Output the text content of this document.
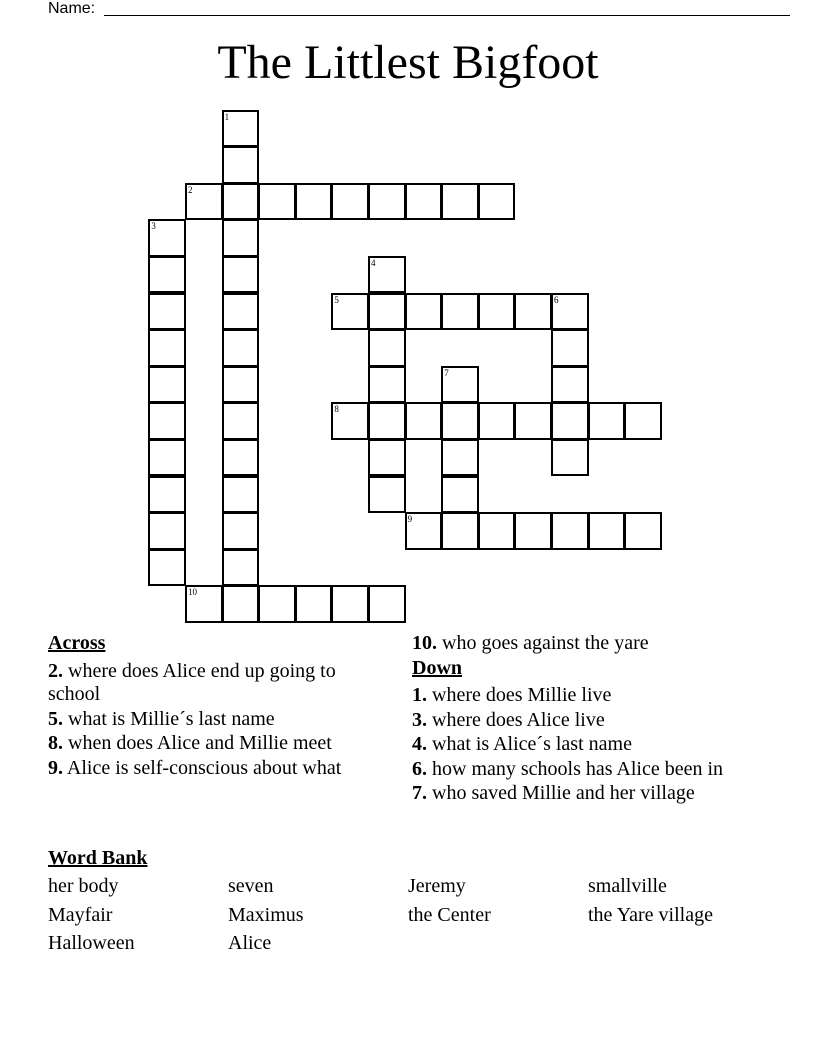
Name:
The Littlest Bigfoot
1
2
3
4
5	6
7
8
9
10
Across
2. where does Alice end up going to school
5. what is Millie´s last name
8. when does Alice and Millie meet
9. Alice is self-conscious about what
10. who goes against the yare
Down
1. where does Millie live
3. where does Alice live
4. what is Alice´s last name
6. how many schools has Alice been in
7. who saved Millie and her village
Word Bank
her body	seven	Jeremy	smallville
Mayfair	Maximus	the Center	the Yare village
Halloween	Alice
